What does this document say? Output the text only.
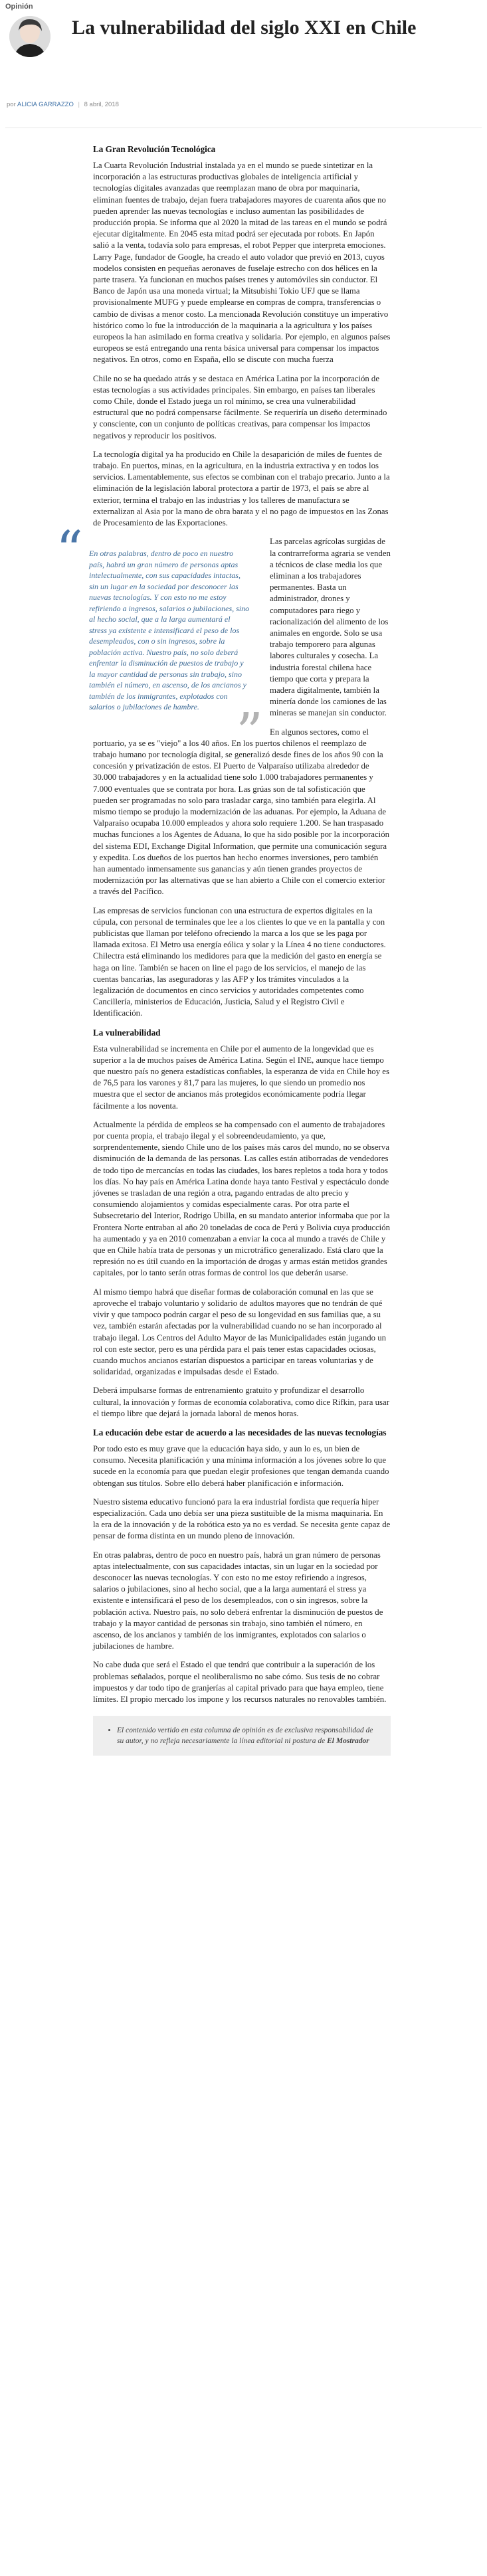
Opinión
La vulnerabilidad del siglo XXI en Chile
por ALICIA GARRAZZO | 8 abril, 2018
La Gran Revolución Tecnológica

La Cuarta Revolución Industrial instalada ya en el mundo se puede sintetizar en la incorporación a las estructuras productivas globales de inteligencia artificial y tecnologías digitales avanzadas que reemplazan mano de obra por maquinaria, eliminan fuentes de trabajo, dejan fuera trabajadores mayores de cuarenta años que no pueden aprender las nuevas tecnologías e incluso aumentan las posibilidades de producción propia. Se informa que al 2020 la mitad de las tareas en el mundo se podrá ejecutar digitalmente. En 2045 esta mitad podrá ser ejecutada por robots. En Japón salió a la venta, todavía solo para empresas, el robot Pepper que interpreta emociones. Larry Page, fundador de Google, ha creado el auto volador que previó en 2013, cuyos modelos consisten en pequeñas aeronaves de fuselaje estrecho con dos hélices en la parte trasera. Ya funcionan en muchos países trenes y automóviles sin conductor. El Banco de Japón usa una moneda virtual; la Mitsubishi Tokio UFJ que se llama provisionalmente MUFG y puede emplearse en compras de compra, transferencias o cambio de divisas a menor costo. La mencionada Revolución constituye un imperativo histórico como lo fue la introducción de la maquinaria a la agricultura y los países europeos la han asimilado en forma creativa y solidaria. Por ejemplo, en algunos países europeos se está entregando una renta básica universal para compensar los impactos negativos. En otros, como en España, ello se discute con mucha fuerza

Chile no se ha quedado atrás y se destaca en América Latina por la incorporación de estas tecnologías a sus actividades principales. Sin embargo, en países tan liberales como Chile, donde el Estado juega un rol mínimo, se crea una vulnerabilidad estructural que no podrá compensarse fácilmente. Se requeriría un diseño determinado y consciente, con un conjunto de políticas creativas, para compensar los impactos negativos y reproducir los positivos.

La tecnología digital ya ha producido en Chile la desaparición de miles de fuentes de trabajo. En puertos, minas, en la agricultura, en la industria extractiva y en todos los servicios. Lamentablemente, sus efectos se combinan con el trabajo precario. Junto a la eliminación de la legislación laboral protectora a partir de 1973, el país se abre al exterior, termina el trabajo en las industrias y los talleres de manufactura se externalizan al Asia por la mano de obra barata y el no pago de impuestos en las Zonas de Procesamiento de las Exportaciones.

“ En otras palabras, dentro de poco en nuestro país, habrá un gran número de personas aptas intelectualmente, con sus capacidades intactas, sin un lugar en la sociedad por desconocer las nuevas tecnologías. Y con esto no me estoy refiriendo a ingresos, salarios o jubilaciones, sino al hecho social, que a la larga aumentará el stress ya existente e intensificará el peso de los desempleados, con o sin ingresos, sobre la población activa. Nuestro país, no solo deberá enfrentar la disminución de puestos de trabajo y la mayor cantidad de personas sin trabajo, sino también el número, en ascenso, de los ancianos y también de los inmigrantes, explotados con salarios o jubilaciones de hambre. ”

Las parcelas agrícolas surgidas de la contrarreforma agraria se venden a técnicos de clase media los que eliminan a los trabajadores permanentes. Basta un administrador, drones y computadores para riego y racionalización del alimento de los animales en engorde. Solo se usa trabajo temporero para algunas labores culturales y cosecha. La industria forestal chilena hace tiempo que corta y prepara la madera digitalmente, también la minería donde los camiones de las mineras se manejan sin conductor.

En algunos sectores, como el portuario, ya se es "viejo" a los 40 años. En los puertos chilenos el reemplazo de trabajo humano por tecnología digital, se generalizó desde fines de los años 90 con la concesión y privatización de estos. El Puerto de Valparaíso utilizaba alrededor de 30.000 trabajadores y en la actualidad tiene solo 1.000 trabajadores permanentes y 7.000 eventuales que se contrata por hora. Las grúas son de tal sofisticación que pueden ser programadas no solo para trasladar carga, sino también para elegirla. Al mismo tiempo se produjo la modernización de las aduanas. Por ejemplo, la Aduana de Valparaíso ocupaba 10.000 empleados y ahora solo requiere 1.200. Se han traspasado muchas funciones a los Agentes de Aduana, lo que ha sido posible por la incorporación del sistema EDI, Exchange Digital Information, que permite una comunicación segura y expedita. Los dueños de los puertos han hecho enormes inversiones, pero también han aumentado inmensamente sus ganancias y aún tienen grandes proyectos de modernización por las alternativas que se han abierto a Chile con el comercio exterior a través del Pacífico.

Las empresas de servicios funcionan con una estructura de expertos digitales en la cúpula, con personal de terminales que lee a los clientes lo que ve en la pantalla y con publicistas que llaman por teléfono ofreciendo la marca a los que se les paga por llamada exitosa. El Metro usa energía eólica y solar y la Línea 4 no tiene conductores. Chilectra está eliminando los medidores para que la medición del gasto en energía se haga on line. También se hacen on line el pago de los servicios, el manejo de las cuentas bancarias, las aseguradoras y las AFP y los trámites vinculados a la legalización de documentos en cinco servicios y autoridades competentes como Cancillería, ministerios de Educación, Justicia, Salud y el Registro Civil e Identificación.

La vulnerabilidad

Esta vulnerabilidad se incrementa en Chile por el aumento de la longevidad que es superior a la de muchos países de América Latina. Según el INE, aunque hace tiempo que nuestro país no genera estadísticas confiables, la esperanza de vida en Chile hoy es de 76,5 para los varones y 81,7 para las mujeres, lo que siendo un promedio nos muestra que el sector de ancianos más protegidos económicamente podría llegar fácilmente a los noventa.

Actualmente la pérdida de empleos se ha compensado con el aumento de trabajadores por cuenta propia, el trabajo ilegal y el sobreendeudamiento, ya que, sorprendentemente, siendo Chile uno de los países más caros del mundo, no se observa disminución de la demanda de las personas. Las calles están atiborradas de vendedores de todo tipo de mercancías en todas las ciudades, los bares repletos a toda hora y todos los días. No hay país en América Latina donde haya tanto Festival y espectáculo donde jóvenes se trasladan de una región a otra, pagando entradas de alto precio y consumiendo alojamientos y comidas especialmente caras. Por otra parte el Subsecretario del Interior, Rodrigo Ubilla, en su mandato anterior informaba que por la Frontera Norte entraban al año 20 toneladas de coca de Perú y Bolivia cuya producción ha aumentado y ya en 2010 comenzaban a enviar la coca al mundo a través de Chile y que en Chile había trata de personas y un microtráfico generalizado. Está claro que la represión no es útil cuando en la importación de drogas y armas están metidos grandes capitales, por lo tanto serán otras formas de control los que deberán usarse.

Al mismo tiempo habrá que diseñar formas de colaboración comunal en las que se aproveche el trabajo voluntario y solidario de adultos mayores que no tendrán de qué vivir y que tampoco podrán cargar el peso de su longevidad en sus familias que, a su vez, también estarán afectadas por la vulnerabilidad cuando no se han incorporado al trabajo ilegal. Los Centros del Adulto Mayor de las Municipalidades están jugando un rol con este sector, pero es una pérdida para el país tener estas capacidades ociosas, cuando muchos ancianos estarían dispuestos a participar en tareas voluntarias y de solidaridad, organizadas e impulsadas desde el Estado.

Deberá impulsarse formas de entrenamiento gratuito y profundizar el desarrollo cultural, la innovación y formas de economía colaborativa, como dice Rifkin, para usar el tiempo libre que dejará la jornada laboral de menos horas.

La educación debe estar de acuerdo a las necesidades de las nuevas tecnologías

Por todo esto es muy grave que la educación haya sido, y aun lo es, un bien de consumo. Necesita planificación y una mínima información a los jóvenes sobre lo que sucede en la economía para que puedan elegir profesiones que tengan demanda cuando obtengan sus títulos. Sobre ello deberá haber planificación e información.

Nuestro sistema educativo funcionó para la era industrial fordista que requería hiper especialización. Cada uno debía ser una pieza sustituible de la misma maquinaria. En la era de la innovación y de la robótica esto ya no es verdad. Se necesita gente capaz de pensar de forma distinta en un mundo pleno de innovación.

En otras palabras, dentro de poco en nuestro país, habrá un gran número de personas aptas intelectualmente, con sus capacidades intactas, sin un lugar en la sociedad por desconocer las nuevas tecnologías. Y con esto no me estoy refiriendo a ingresos, salarios o jubilaciones, sino al hecho social, que a la larga aumentará el stress ya existente e intensificará el peso de los desempleados, con o sin ingresos, sobre la población activa. Nuestro país, no solo deberá enfrentar la disminución de puestos de trabajo y la mayor cantidad de personas sin trabajo, sino también el número, en ascenso, de los ancianos y también de los inmigrantes, explotados con salarios o jubilaciones de hambre.

No cabe duda que será el Estado el que tendrá que contribuir a la superación de los problemas señalados, porque el neoliberalismo no sabe cómo. Sus tesis de no cobrar impuestos y dar todo tipo de granjerías al capital privado para que haya empleo, tiene límites. El propio mercado los impone y los recursos naturales no renovables también.

• El contenido vertido en esta columna de opinión es de exclusiva responsabilidad de su autor, y no refleja necesariamente la línea editorial ni postura de El Mostrador
